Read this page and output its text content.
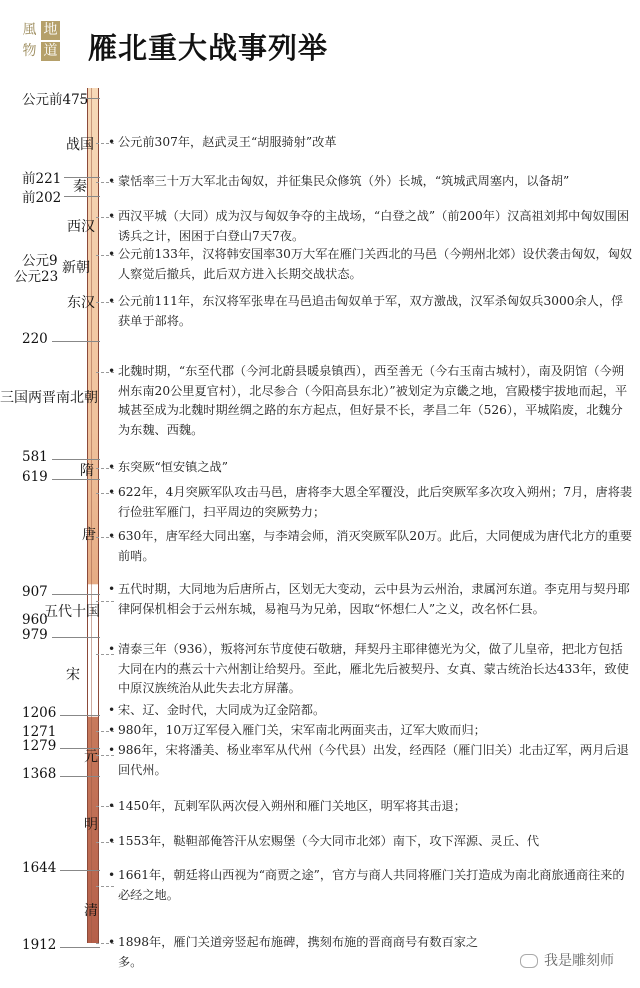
風 地
物 道 雁北重大战事列举
公元前475
前221
前202
公元9
公元23
220
581
619
907
960
979
1206
1271
1279
1368
1644
1912
战国
秦
西汉
新朝
东汉
三国两晋南北朝
隋
唐
五代十国
宋
元
明
清
• 公元前307年，赵武灵王“胡服骑射”改革
• 蒙恬率三十万大军北击匈奴，并征集民众修筑（外）长城，“筑城武周塞内，以备胡”
• 西汉平城（大同）成为汉与匈奴争夺的主战场，“白登之战”（前200年）汉高祖刘邦中匈奴围困诱兵之计，困困于白登山7天7夜。
• 公元前133年，汉将韩安国率30万大军在雁门关西北的马邑（今朔州北郊）设伏袭击匈奴，匈奴人察觉后撤兵，此后双方进入长期交战状态。
• 公元前111年，东汉将军张卑在马邑追击匈奴单于军，双方激战，汉军杀匈奴兵3000余人，俘获单于部将。
• 北魏时期，“东至代郡（今河北蔚县暖泉镇西），西至善无（今右玉南古城村），南及阴馆（今朔州东南20公里夏官村），北尽参合（今阳高县东北）”被划定为京畿之地，宫殿楼宇拔地而起，平城甚至成为北魏时期丝绸之路的东方起点，但好景不长，孝昌二年（526），平城陷废，北魏分为东魏、西魏。
• 东突厥“恒安镇之战”
• 622年，4月突厥军队攻击马邑，唐将李大恩全军覆没，此后突厥军多次攻入朔州；7月，唐将裴行俭驻军雁门，扫平周边的突厥势力；
• 630年，唐军经大同出塞，与李靖会师，消灭突厥军队20万。此后，大同便成为唐代北方的重要前哨。
• 五代时期，大同地为后唐所占，区划无大变动，云中县为云州治，隶属河东道。李克用与契丹耶律阿保机相会于云州东城，易袍马为兄弟，因取“怀想仁人”之义，改名怀仁县。
• 清泰三年（936），叛将河东节度使石敬瑭，拜契丹主耶律德光为父，做了儿皇帝，把北方包括大同在内的燕云十六州割让给契丹。至此，雁北先后被契丹、女真、蒙古统治长达433年，致使中原汉族统治从此失去北方屏藩。
• 宋、辽、金时代，大同成为辽金陪都。
• 980年，10万辽军侵入雁门关，宋军南北两面夹击，辽军大败而归；
• 986年，宋将潘美、杨业率军从代州（今代县）出发，经西陉（雁门旧关）北击辽军，两月后退回代州。
• 1450年，瓦剌军队两次侵入朔州和雁门关地区，明军将其击退；
• 1553年，鞑靼部俺答汗从宏赐堡（今大同市北郊）南下，攻下浑源、灵丘、代
• 1661年，朝廷将山西视为“商贾之途”，官方与商人共同将雁门关打造成为南北商旅通商往来的必经之地。
• 1898年，雁门关道旁竖起布施碑，携刻布施的晋商商号有数百家之多。	我是雕刻师
